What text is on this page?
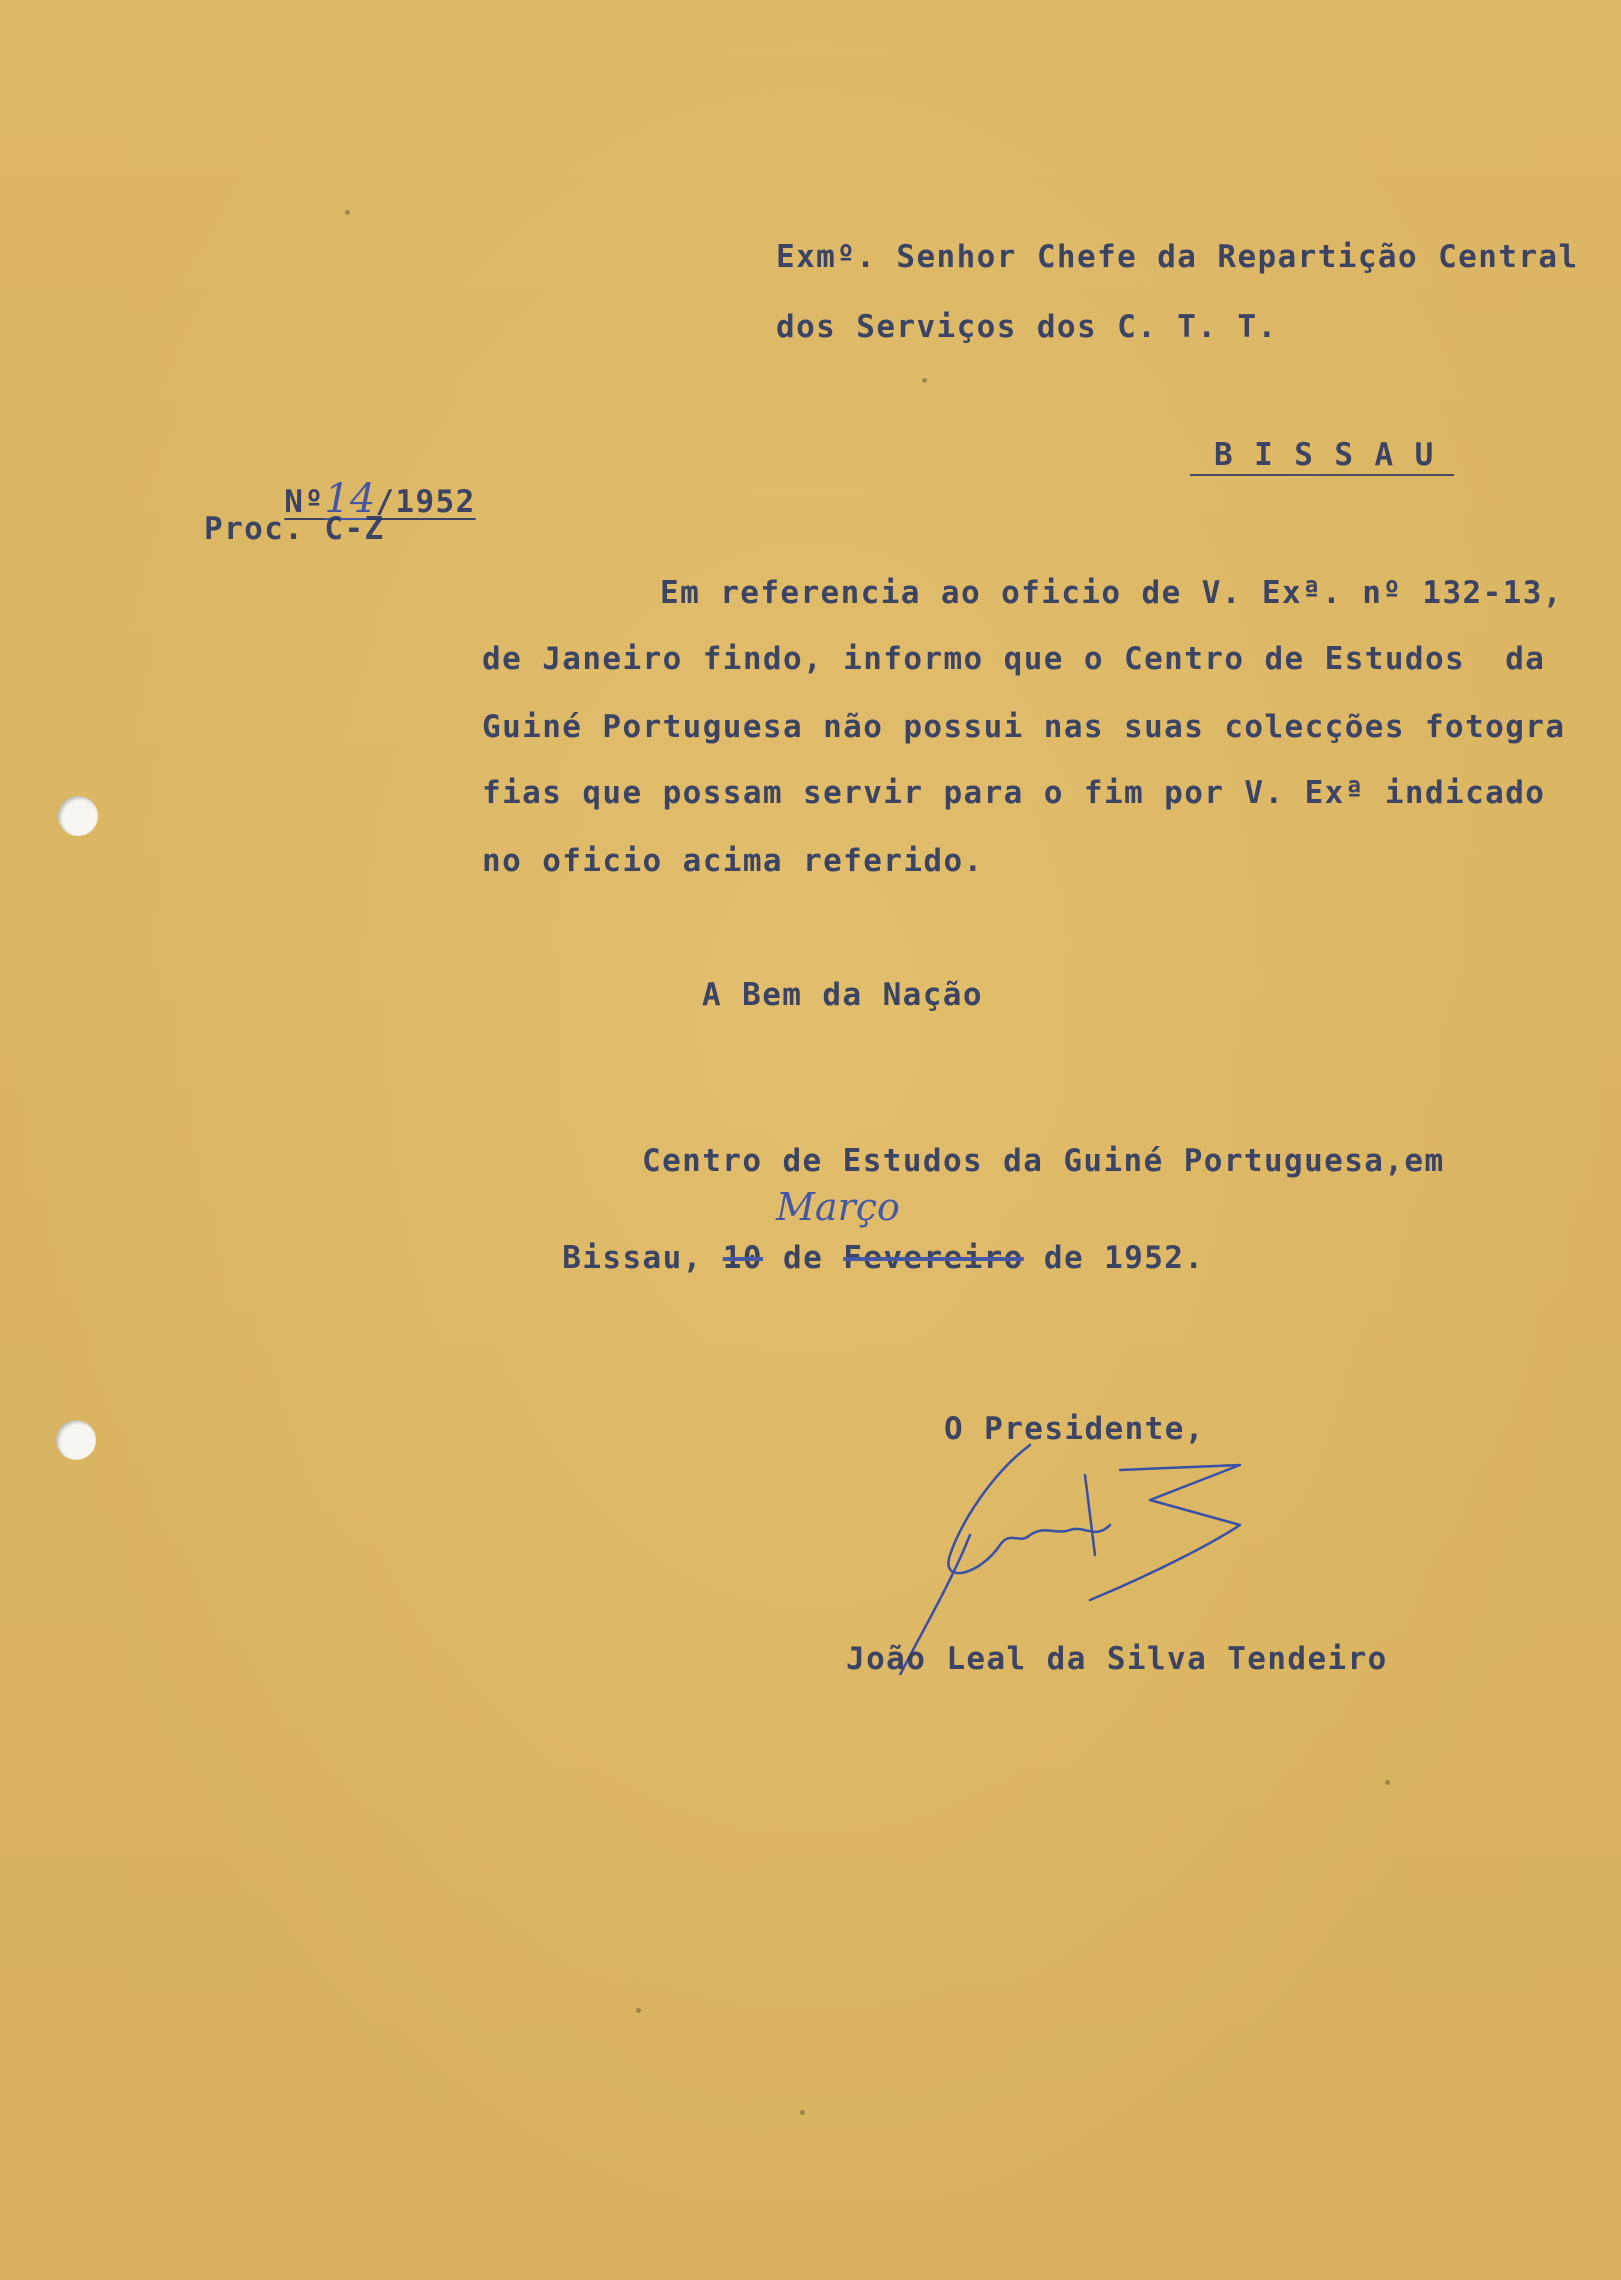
Exmº. Senhor Chefe da Repartição Central
dos Serviços dos C. T. T.

Nº14/1952

B I S S A U
Proc. C-Z
Em referencia ao oficio de V. Exª. nº 132-13,
de Janeiro findo, informo que o Centro de Estudos  da
Guiné Portuguesa não possui nas suas colecções fotogra
fias que possam servir para o fim por V. Exª indicado
no oficio acima referido.
A Bem da Nação
Centro de Estudos da Guiné Portuguesa,em

Bissau, 10 de Fevereiro de 1952.

Março
O Presidente,
João Leal da Silva Tendeiro
